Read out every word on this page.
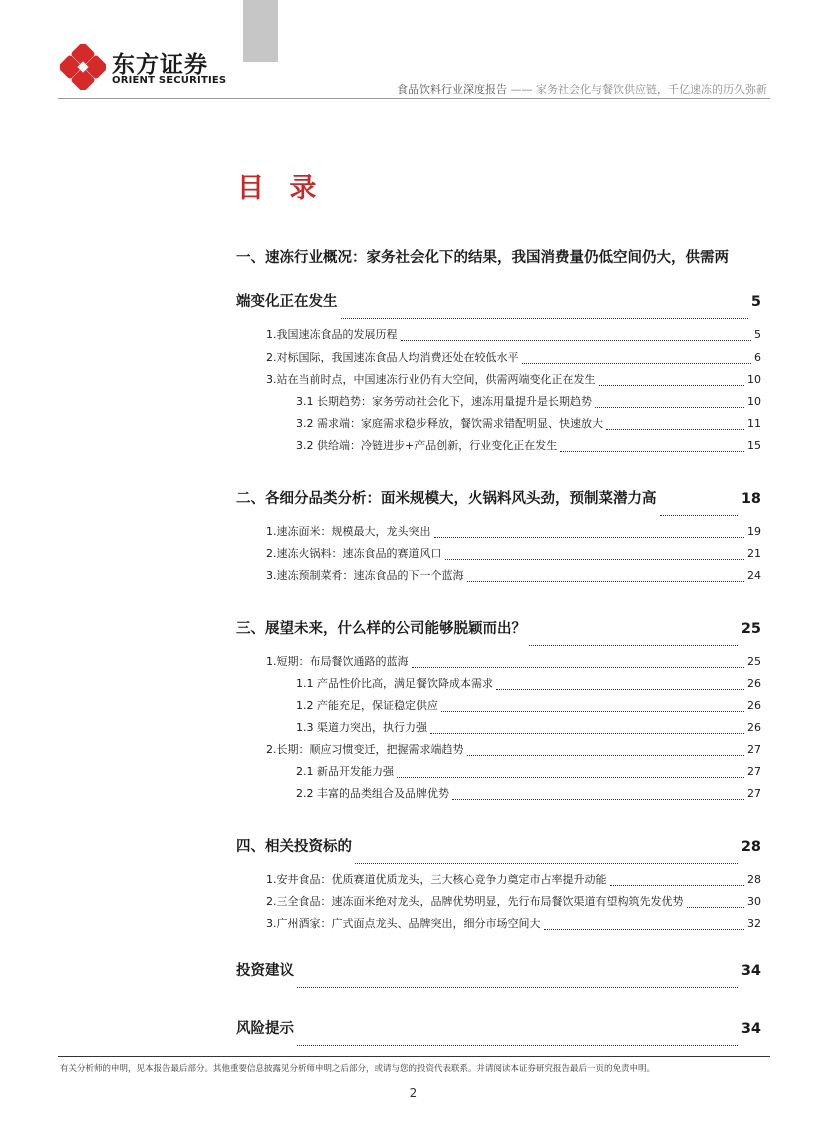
东方证券
ORIENT SECURITIES
食品饮料行业深度报告 —— 家务社会化与餐饮供应链，千亿速冻的历久弥新
目 录
一、速冻行业概况：家务社会化下的结果，我国消费量仍低空间仍大，供需两
端变化正在发生	5
1.我国速冻食品的发展历程	5
2.对标国际，我国速冻食品人均消费还处在较低水平	6
3.站在当前时点，中国速冻行业仍有大空间，供需两端变化正在发生	10
3.1 长期趋势：家务劳动社会化下，速冻用量提升是长期趋势	10
3.2 需求端：家庭需求稳步释放，餐饮需求错配明显、快速放大	11
3.2 供给端：冷链进步+产品创新，行业变化正在发生	15
二、各细分品类分析：面米规模大，火锅料风头劲，预制菜潜力高	18
1.速冻面米：规模最大，龙头突出	19
2.速冻火锅料：速冻食品的赛道风口	21
3.速冻预制菜肴：速冻食品的下一个蓝海	24
三、展望未来，什么样的公司能够脱颖而出？	25
1.短期：布局餐饮通路的蓝海	25
1.1 产品性价比高，满足餐饮降成本需求	26
1.2 产能充足，保证稳定供应	26
1.3 渠道力突出，执行力强	26
2.长期：顺应习惯变迁，把握需求端趋势	27
2.1 新品开发能力强	27
2.2 丰富的品类组合及品牌优势	27
四、相关投资标的	28
1.安井食品：优质赛道优质龙头，三大核心竞争力奠定市占率提升动能	28
2.三全食品：速冻面米绝对龙头，品牌优势明显，先行布局餐饮渠道有望构筑先发优势	30
3.广州酒家：广式面点龙头、品牌突出，细分市场空间大	32
投资建议	34
风险提示	34
有关分析师的申明，见本报告最后部分。其他重要信息披露见分析师申明之后部分，或请与您的投资代表联系。并请阅读本证券研究报告最后一页的免责申明。
2
